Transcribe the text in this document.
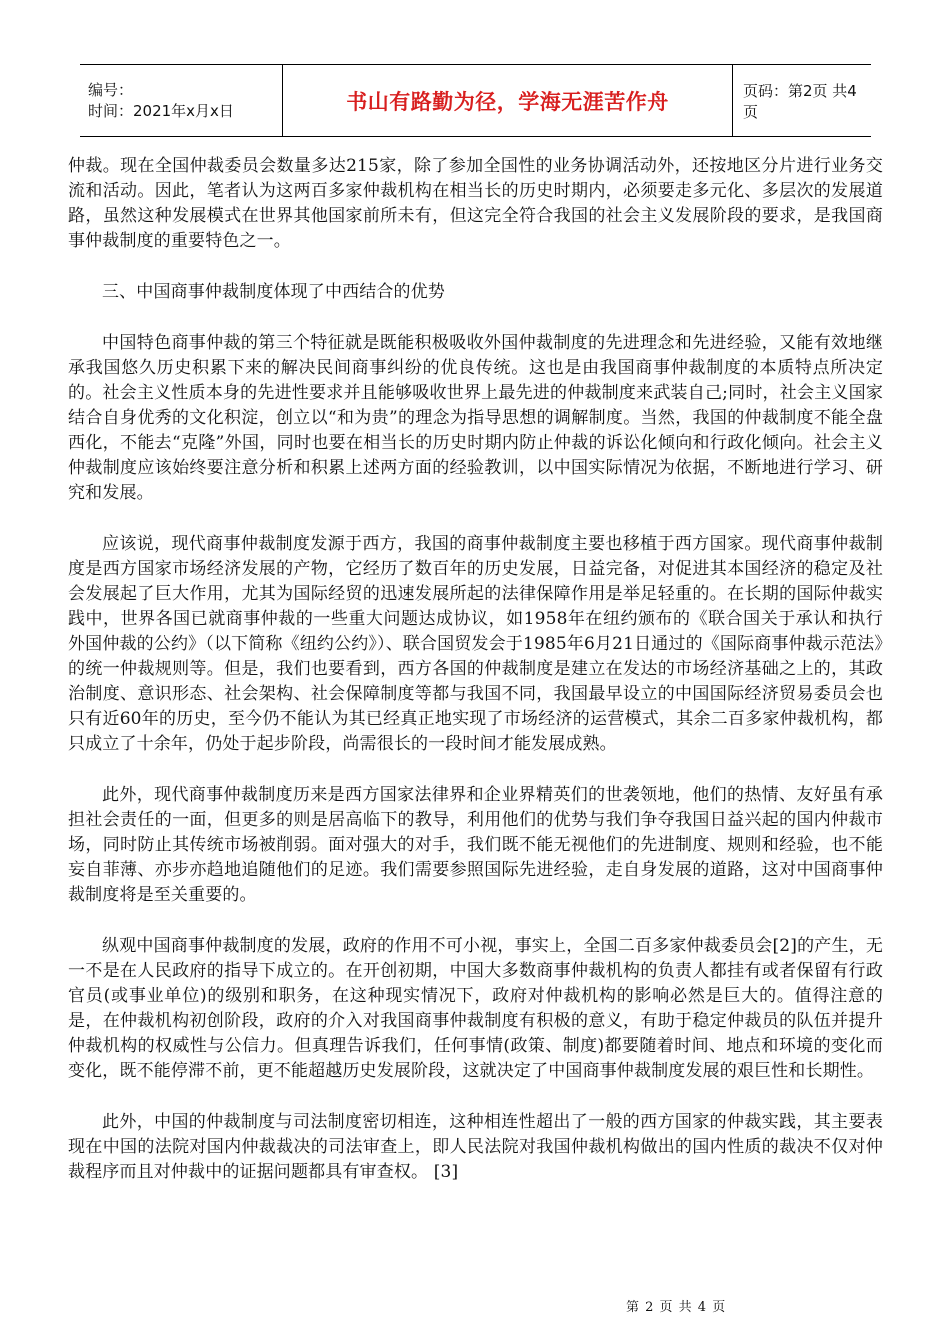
编号：
时间：2021年x月x日	书山有路勤为径，学海无涯苦作舟	页码：第2页 共4页

仲裁。现在全国仲裁委员会数量多达215家，除了参加全国性的业务协调活动外，还按地区分片进行业务交流和活动。因此，笔者认为这两百多家仲裁机构在相当长的历史时期内，必须要走多元化、多层次的发展道路，虽然这种发展模式在世界其他国家前所未有，但这完全符合我国的社会主义发展阶段的要求，是我国商事仲裁制度的重要特色之一。

三、中国商事仲裁制度体现了中西结合的优势

中国特色商事仲裁的第三个特征就是既能积极吸收外国仲裁制度的先进理念和先进经验，又能有效地继承我国悠久历史积累下来的解决民间商事纠纷的优良传统。这也是由我国商事仲裁制度的本质特点所决定的。社会主义性质本身的先进性要求并且能够吸收世界上最先进的仲裁制度来武装自己;同时，社会主义国家结合自身优秀的文化积淀，创立以“和为贵”的理念为指导思想的调解制度。当然，我国的仲裁制度不能全盘西化，不能去“克隆”外国，同时也要在相当长的历史时期内防止仲裁的诉讼化倾向和行政化倾向。社会主义仲裁制度应该始终要注意分析和积累上述两方面的经验教训，以中国实际情况为依据，不断地进行学习、研究和发展。

应该说，现代商事仲裁制度发源于西方，我国的商事仲裁制度主要也移植于西方国家。现代商事仲裁制度是西方国家市场经济发展的产物，它经历了数百年的历史发展，日益完备，对促进其本国经济的稳定及社会发展起了巨大作用，尤其为国际经贸的迅速发展所起的法律保障作用是举足轻重的。在长期的国际仲裁实践中，世界各国已就商事仲裁的一些重大问题达成协议，如1958年在纽约颁布的《联合国关于承认和执行外国仲裁的公约》（以下简称《纽约公约》）、联合国贸发会于1985年6月21日通过的《国际商事仲裁示范法》的统一仲裁规则等。但是，我们也要看到，西方各国的仲裁制度是建立在发达的市场经济基础之上的，其政治制度、意识形态、社会架构、社会保障制度等都与我国不同，我国最早设立的中国国际经济贸易委员会也只有近60年的历史，至今仍不能认为其已经真正地实现了市场经济的运营模式，其余二百多家仲裁机构，都只成立了十余年，仍处于起步阶段，尚需很长的一段时间才能发展成熟。

此外，现代商事仲裁制度历来是西方国家法律界和企业界精英们的世袭领地，他们的热情、友好虽有承担社会责任的一面，但更多的则是居高临下的教导，利用他们的优势与我们争夺我国日益兴起的国内仲裁市场，同时防止其传统市场被削弱。面对强大的对手，我们既不能无视他们的先进制度、规则和经验，也不能妄自菲薄、亦步亦趋地追随他们的足迹。我们需要参照国际先进经验，走自身发展的道路，这对中国商事仲裁制度将是至关重要的。

纵观中国商事仲裁制度的发展，政府的作用不可小视，事实上，全国二百多家仲裁委员会[2]的产生，无一不是在人民政府的指导下成立的。在开创初期，中国大多数商事仲裁机构的负责人都挂有或者保留有行政官员(或事业单位)的级别和职务，在这种现实情况下，政府对仲裁机构的影响必然是巨大的。值得注意的是，在仲裁机构初创阶段，政府的介入对我国商事仲裁制度有积极的意义，有助于稳定仲裁员的队伍并提升仲裁机构的权威性与公信力。但真理告诉我们，任何事情(政策、制度)都要随着时间、地点和环境的变化而变化，既不能停滞不前，更不能超越历史发展阶段，这就决定了中国商事仲裁制度发展的艰巨性和长期性。

此外，中国的仲裁制度与司法制度密切相连，这种相连性超出了一般的西方国家的仲裁实践，其主要表现在中国的法院对国内仲裁裁决的司法审查上，即人民法院对我国仲裁机构做出的国内性质的裁决不仅对仲裁程序而且对仲裁中的证据问题都具有审查权。 [3]

第 2 页 共 4 页
